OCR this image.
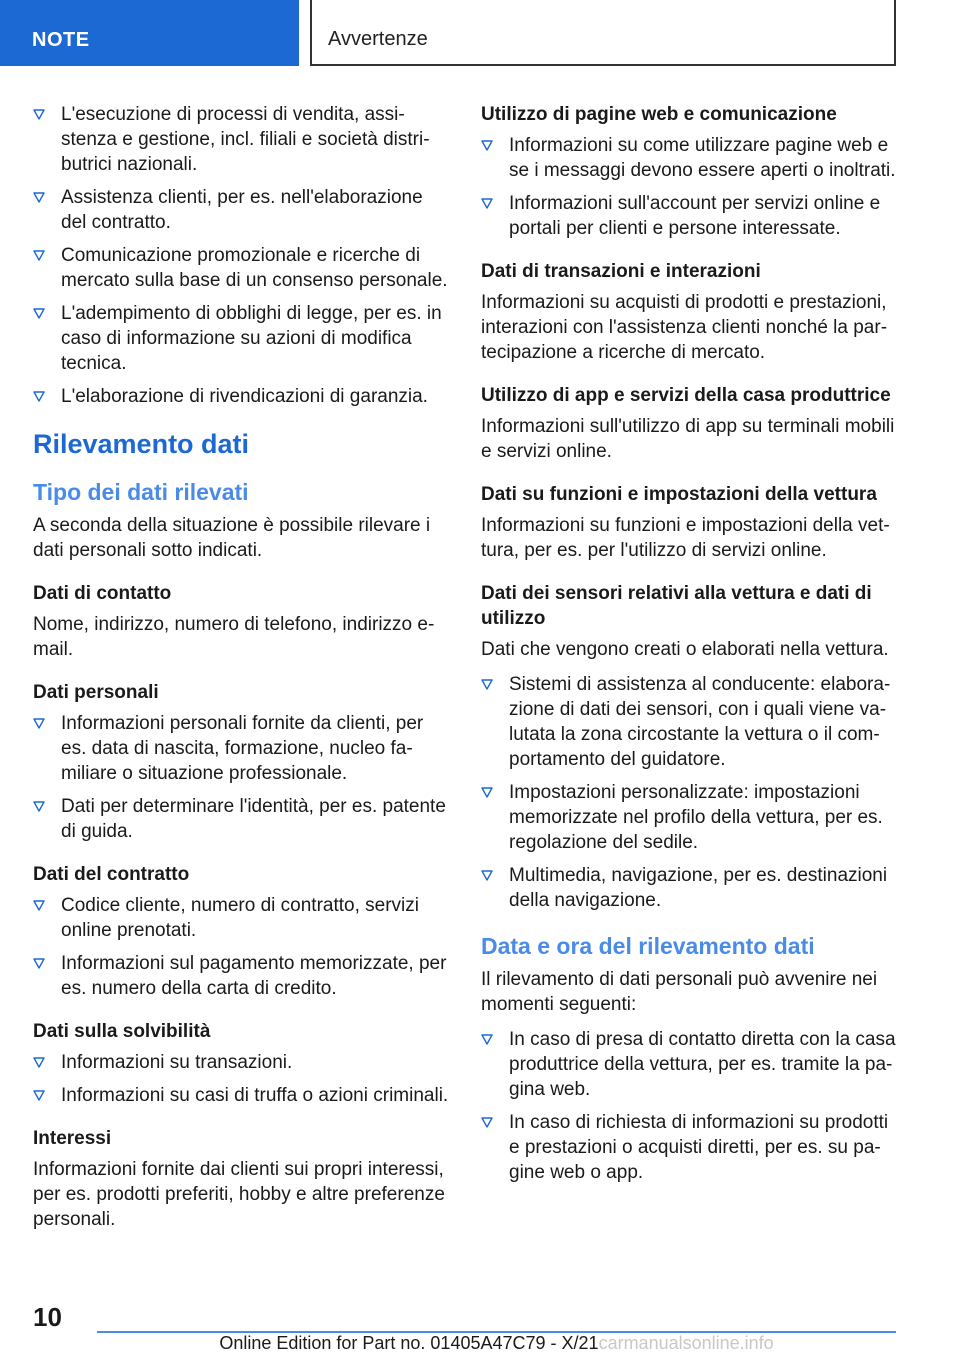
NOTE	Avvertenze
L'esecuzione di processi di vendita, assistenza e gestione, incl. filiali e società distributrici nazionali.
Assistenza clienti, per es. nell'elaborazione del contratto.
Comunicazione promozionale e ricerche di mercato sulla base di un consenso personale.
L'adempimento di obblighi di legge, per es. in caso di informazione su azioni di modifica tecnica.
L'elaborazione di rivendicazioni di garanzia.
Rilevamento dati
Tipo dei dati rilevati

A seconda della situazione è possibile rilevare i dati personali sotto indicati.

Dati di contatto

Nome, indirizzo, numero di telefono, indirizzo e-mail.

Dati personali
Informazioni personali fornite da clienti, per es. data di nascita, formazione, nucleo familiare o situazione professionale.
Dati per determinare l'identità, per es. patente di guida.
Dati del contratto
Codice cliente, numero di contratto, servizi online prenotati.
Informazioni sul pagamento memorizzate, per es. numero della carta di credito.
Dati sulla solvibilità
Informazioni su transazioni.
Informazioni su casi di truffa o azioni criminali.
Interessi

Informazioni fornite dai clienti sui propri interessi, per es. prodotti preferiti, hobby e altre preferenze personali.

Utilizzo di pagine web e comunicazione
Informazioni su come utilizzare pagine web e se i messaggi devono essere aperti o inoltrati.
Informazioni sull'account per servizi online e portali per clienti e persone interessate.
Dati di transazioni e interazioni

Informazioni su acquisti di prodotti e prestazioni, interazioni con l'assistenza clienti nonché la partecipazione a ricerche di mercato.

Utilizzo di app e servizi della casa produttrice

Informazioni sull'utilizzo di app su terminali mobili e servizi online.

Dati su funzioni e impostazioni della vettura

Informazioni su funzioni e impostazioni della vettura, per es. per l'utilizzo di servizi online.

Dati dei sensori relativi alla vettura e dati di utilizzo

Dati che vengono creati o elaborati nella vettura.

Sistemi di assistenza al conducente: elaborazione di dati dei sensori, con i quali viene valutata la zona circostante la vettura o il comportamento del guidatore.
Impostazioni personalizzate: impostazioni memorizzate nel profilo della vettura, per es. regolazione del sedile.
Multimedia, navigazione, per es. destinazioni della navigazione.
Data e ora del rilevamento dati

Il rilevamento di dati personali può avvenire nei momenti seguenti:

In caso di presa di contatto diretta con la casa produttrice della vettura, per es. tramite la pagina web.
In caso di richiesta di informazioni su prodotti e prestazioni o acquisti diretti, per es. su pagine web o app.
10
Online Edition for Part no. 01405A47C79 - X/21carmanualsonline.info
